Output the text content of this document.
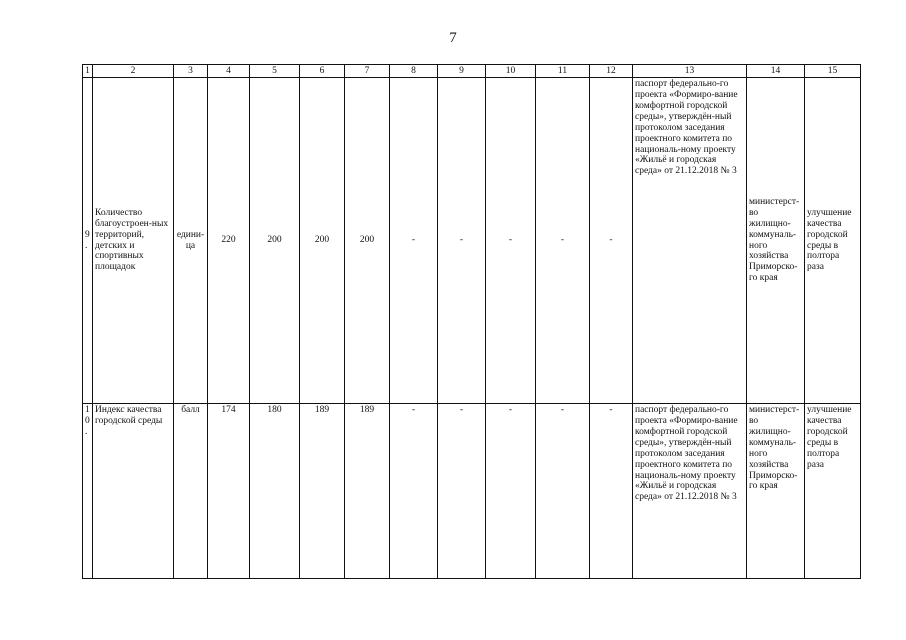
7
1	2	3	4	5	6	7	8	9	10	11	12	13	14	15
9.	Количество благоустроен-ных территорий, детских и спортивных площадок	едини-ца	220	200	200	200	-	-	-	-	-	паспорт федерально-го проекта «Формиро-вание комфортной городской среды», утверждён-ный протоколом заседания проектного комитета по националь-ному проекту «Жильё и городская среда» от 21.12.2018 № 3	министерст-во жилищно-коммуналь-ного хозяйства Приморско-го края	улучшение качества городской среды в полтора раза
10.	Индекс качества городской среды	балл	174	180	189	189	-	-	-	-	-	паспорт федерально-го проекта «Формиро-вание комфортной городской среды», утверждён-ный протоколом заседания проектного комитета по националь-ному проекту «Жильё и городская среда» от 21.12.2018 № 3	министерст-во жилищно-коммуналь-ного хозяйства Приморско-го края	улучшение качества городской среды в полтора раза
